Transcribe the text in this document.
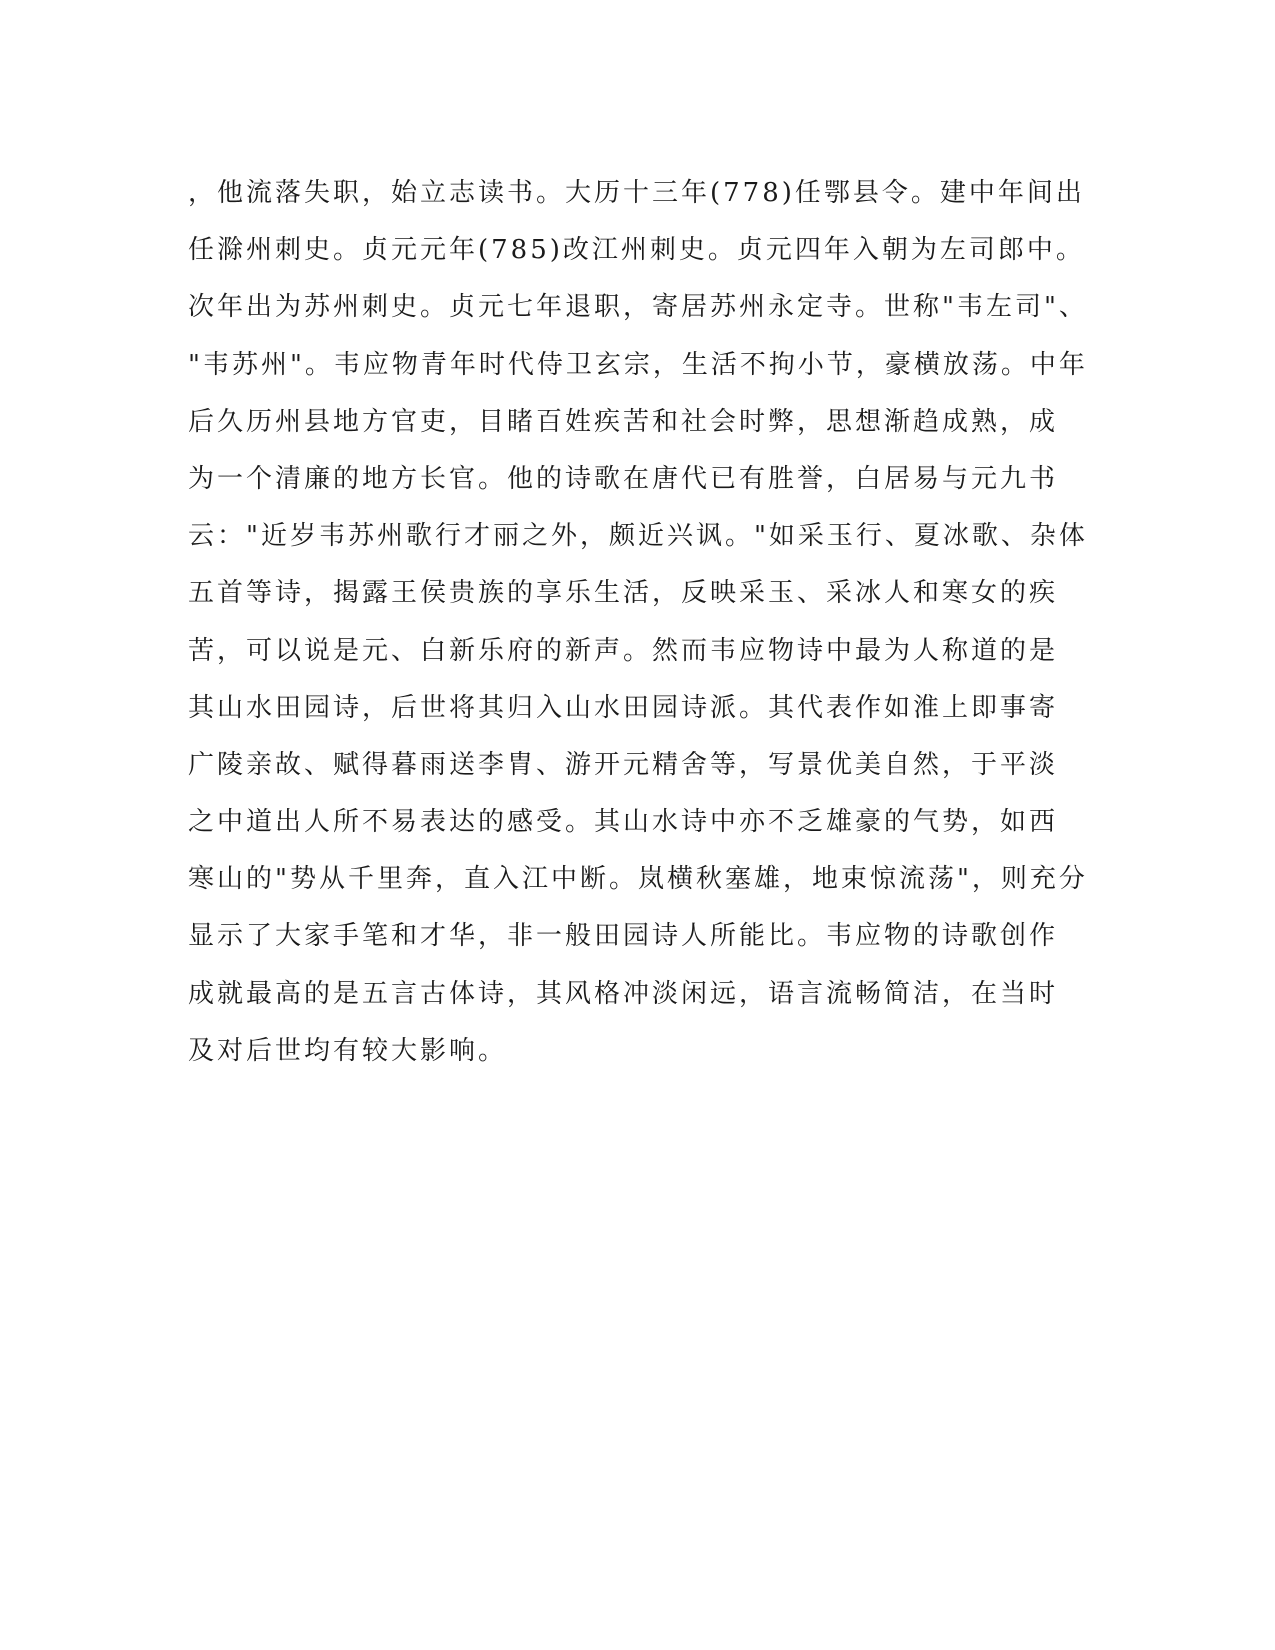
，他流落失职，始立志读书。大历十三年(778)任鄂县令。建中年间出
任滁州刺史。贞元元年(785)改江州刺史。贞元四年入朝为左司郎中。
次年出为苏州刺史。贞元七年退职，寄居苏州永定寺。世称"韦左司"、
"韦苏州"。韦应物青年时代侍卫玄宗，生活不拘小节，豪横放荡。中年
后久历州县地方官吏，目睹百姓疾苦和社会时弊，思想渐趋成熟，成
为一个清廉的地方长官。他的诗歌在唐代已有胜誉，白居易与元九书
云："近岁韦苏州歌行才丽之外，颇近兴讽。"如采玉行、夏冰歌、杂体
五首等诗，揭露王侯贵族的享乐生活，反映采玉、采冰人和寒女的疾
苦，可以说是元、白新乐府的新声。然而韦应物诗中最为人称道的是
其山水田园诗，后世将其归入山水田园诗派。其代表作如淮上即事寄
广陵亲故、赋得暮雨送李胄、游开元精舍等，写景优美自然，于平淡
之中道出人所不易表达的感受。其山水诗中亦不乏雄豪的气势，如西
寒山的"势从千里奔，直入江中断。岚横秋塞雄，地束惊流荡"，则充分
显示了大家手笔和才华，非一般田园诗人所能比。韦应物的诗歌创作
成就最高的是五言古体诗，其风格冲淡闲远，语言流畅简洁，在当时
及对后世均有较大影响。
